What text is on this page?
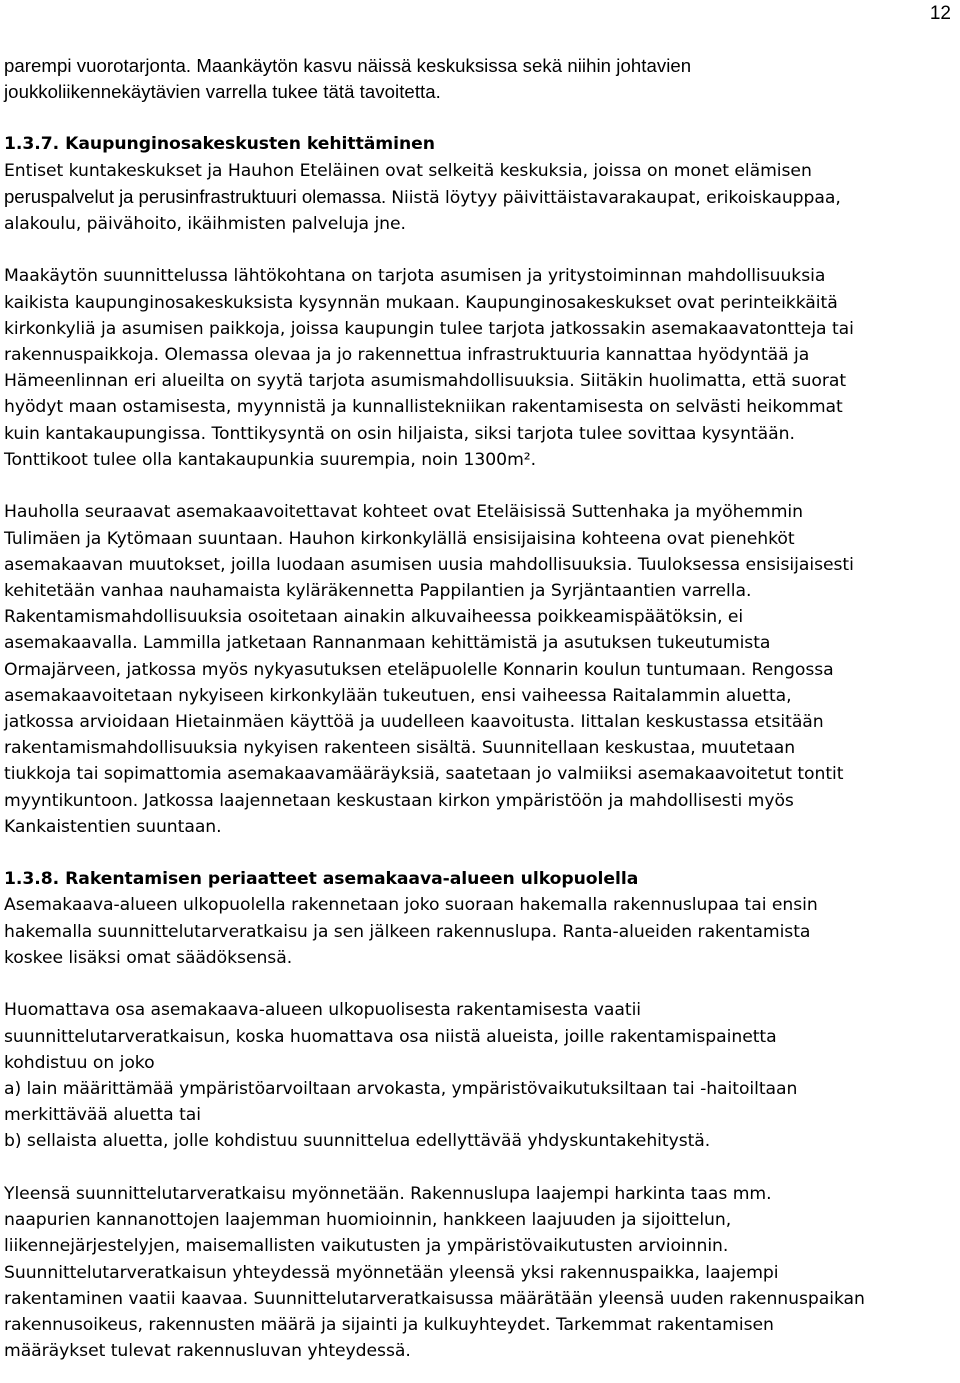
12
parempi vuorotarjonta. Maankäytön kasvu näissä keskuksissa sekä niihin johtavien
joukkoliikennekäytävien varrella tukee tätä tavoitetta.
1.3.7. Kaupunginosakeskusten kehittäminen
Entiset kuntakeskukset ja Hauhon Eteläinen ovat selkeitä keskuksia, joissa on monet elämisen
peruspalvelut ja perusinfrastruktuuri olemassa. Niistä löytyy päivittäistavarakaupat, erikoiskauppaa,
alakoulu, päivähoito, ikäihmisten palveluja jne.
Maakäytön suunnittelussa lähtökohtana on tarjota asumisen ja yritystoiminnan mahdollisuuksia
kaikista kaupunginosakeskuksista kysynnän mukaan. Kaupunginosakeskukset ovat perinteikkäitä
kirkonkyliä ja asumisen paikkoja, joissa kaupungin tulee tarjota jatkossakin asemakaavatontteja tai
rakennuspaikkoja. Olemassa olevaa ja jo rakennettua infrastruktuuria kannattaa hyödyntää ja
Hämeenlinnan eri alueilta on syytä tarjota asumismahdollisuuksia. Siitäkin huolimatta, että suorat
hyödyt maan ostamisesta, myynnistä ja kunnallistekniikan rakentamisesta on selvästi heikommat
kuin kantakaupungissa. Tonttikysyntä on osin hiljaista, siksi tarjota tulee sovittaa kysyntään.
Tonttikoot tulee olla kantakaupunkia suurempia, noin 1300m².
Hauholla seuraavat asemakaavoitettavat kohteet ovat Eteläisissä Suttenhaka ja myöhemmin
Tulimäen ja Kytömaan suuntaan. Hauhon kirkonkylällä ensisijaisina kohteena ovat pienehköt
asemakaavan muutokset, joilla luodaan asumisen uusia mahdollisuuksia. Tuuloksessa ensisijaisesti
kehitetään vanhaa nauhamaista kyläräkennetta Pappilantien ja Syrjäntaantien varrella.
Rakentamismahdollisuuksia osoitetaan ainakin alkuvaiheessa poikkeamispäätöksin, ei
asemakaavalla. Lammilla jatketaan Rannanmaan kehittämistä ja asutuksen tukeutumista
Ormajärveen, jatkossa myös nykyasutuksen eteläpuolelle Konnarin koulun tuntumaan. Rengossa
asemakaavoitetaan nykyiseen kirkonkylään tukeutuen, ensi vaiheessa Raitalammin aluetta,
jatkossa arvioidaan Hietainmäen käyttöä ja uudelleen kaavoitusta. Iittalan keskustassa etsitään
rakentamismahdollisuuksia nykyisen rakenteen sisältä. Suunnitellaan keskustaa, muutetaan
tiukkoja tai sopimattomia asemakaavamääräyksiä, saatetaan jo valmiiksi asemakaavoitetut tontit
myyntikuntoon. Jatkossa laajennetaan keskustaan kirkon ympäristöön ja mahdollisesti myös
Kankaistentien suuntaan.
1.3.8. Rakentamisen periaatteet asemakaava-alueen ulkopuolella
Asemakaava-alueen ulkopuolella rakennetaan joko suoraan hakemalla rakennuslupaa tai ensin
hakemalla suunnittelutarveratkaisu ja sen jälkeen rakennuslupa. Ranta-alueiden rakentamista
koskee lisäksi omat säädöksensä.
Huomattava osa asemakaava-alueen ulkopuolisesta rakentamisesta vaatii
suunnittelutarveratkaisun, koska huomattava osa niistä alueista, joille rakentamispainetta
kohdistuu on joko
a) lain määrittämää ympäristöarvoiltaan arvokasta, ympäristövaikutuksiltaan tai -haitoiltaan
merkittävää aluetta tai
b) sellaista aluetta, jolle kohdistuu suunnittelua edellyttävää yhdyskuntakehitystä.
Yleensä suunnittelutarveratkaisu myönnetään. Rakennuslupa laajempi harkinta taas mm.
naapurien kannanottojen laajemman huomioinnin, hankkeen laajuuden ja sijoittelun,
liikennejärjestelyjen, maisemallisten vaikutusten ja ympäristövaikutusten arvioinnin.
Suunnittelutarveratkaisun yhteydessä myönnetään yleensä yksi rakennuspaikka, laajempi
rakentaminen vaatii kaavaa. Suunnittelutarveratkaisussa määrätään yleensä uuden rakennuspaikan
rakennusoikeus, rakennusten määrä ja sijainti ja kulkuyhteydet. Tarkemmat rakentamisen
määräykset tulevat rakennusluvan yhteydessä.
